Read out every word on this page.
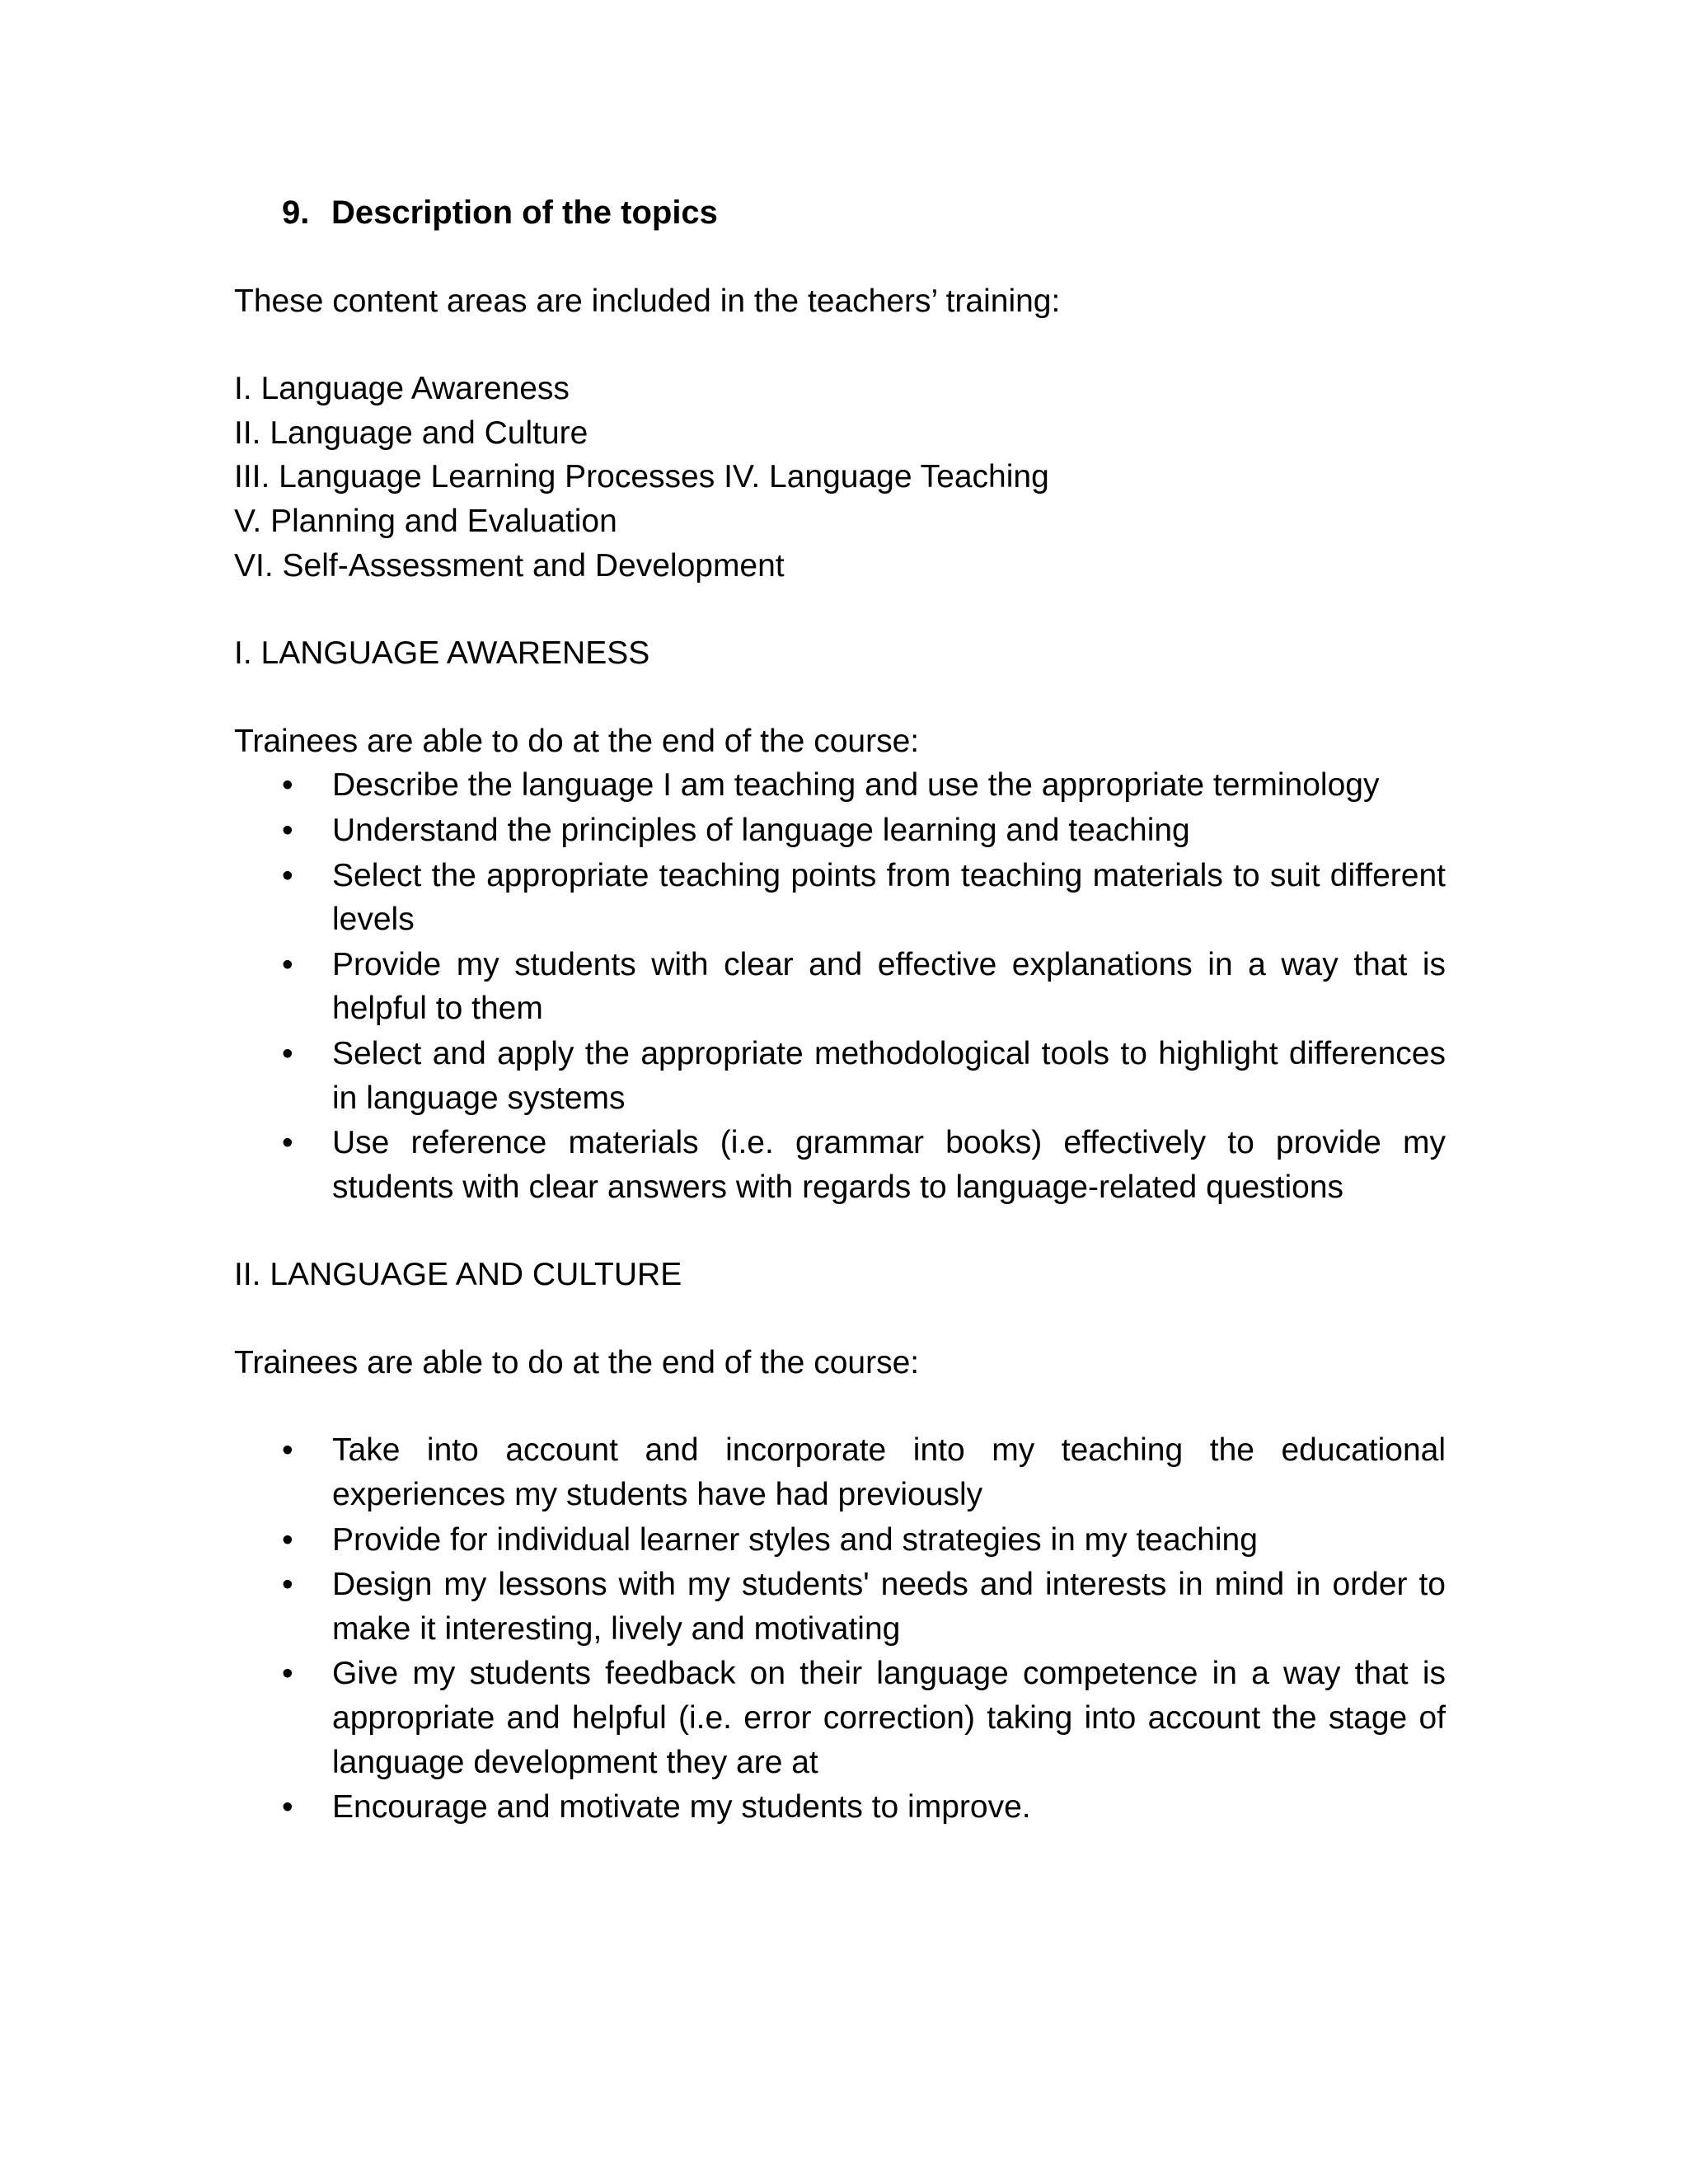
9. Description of the topics

These content areas are included in the teachers’ training:

I. Language Awareness
II. Language and Culture
III. Language Learning Processes IV. Language Teaching
V. Planning and Evaluation
VI. Self-Assessment and Development

I. LANGUAGE AWARENESS

Trainees are able to do at the end of the course:

•	Describe the language I am teaching and use the appropriate terminology
•	Understand the principles of language learning and teaching
•	Select the appropriate teaching points from teaching materials to suit different levels
•	Provide my students with clear and effective explanations in a way that is helpful to them
•	Select and apply the appropriate methodological tools to highlight differences in language systems
•	Use reference materials (i.e. grammar books) effectively to provide my students with clear answers with regards to language-related questions

II. LANGUAGE AND CULTURE

Trainees are able to do at the end of the course:

•	Take into account and incorporate into my teaching the educational experiences my students have had previously
•	Provide for individual learner styles and strategies in my teaching
•	Design my lessons with my students' needs and interests in mind in order to make it interesting, lively and motivating
•	Give my students feedback on their language competence in a way that is appropriate and helpful (i.e. error correction) taking into account the stage of language development they are at
•	Encourage and motivate my students to improve.
